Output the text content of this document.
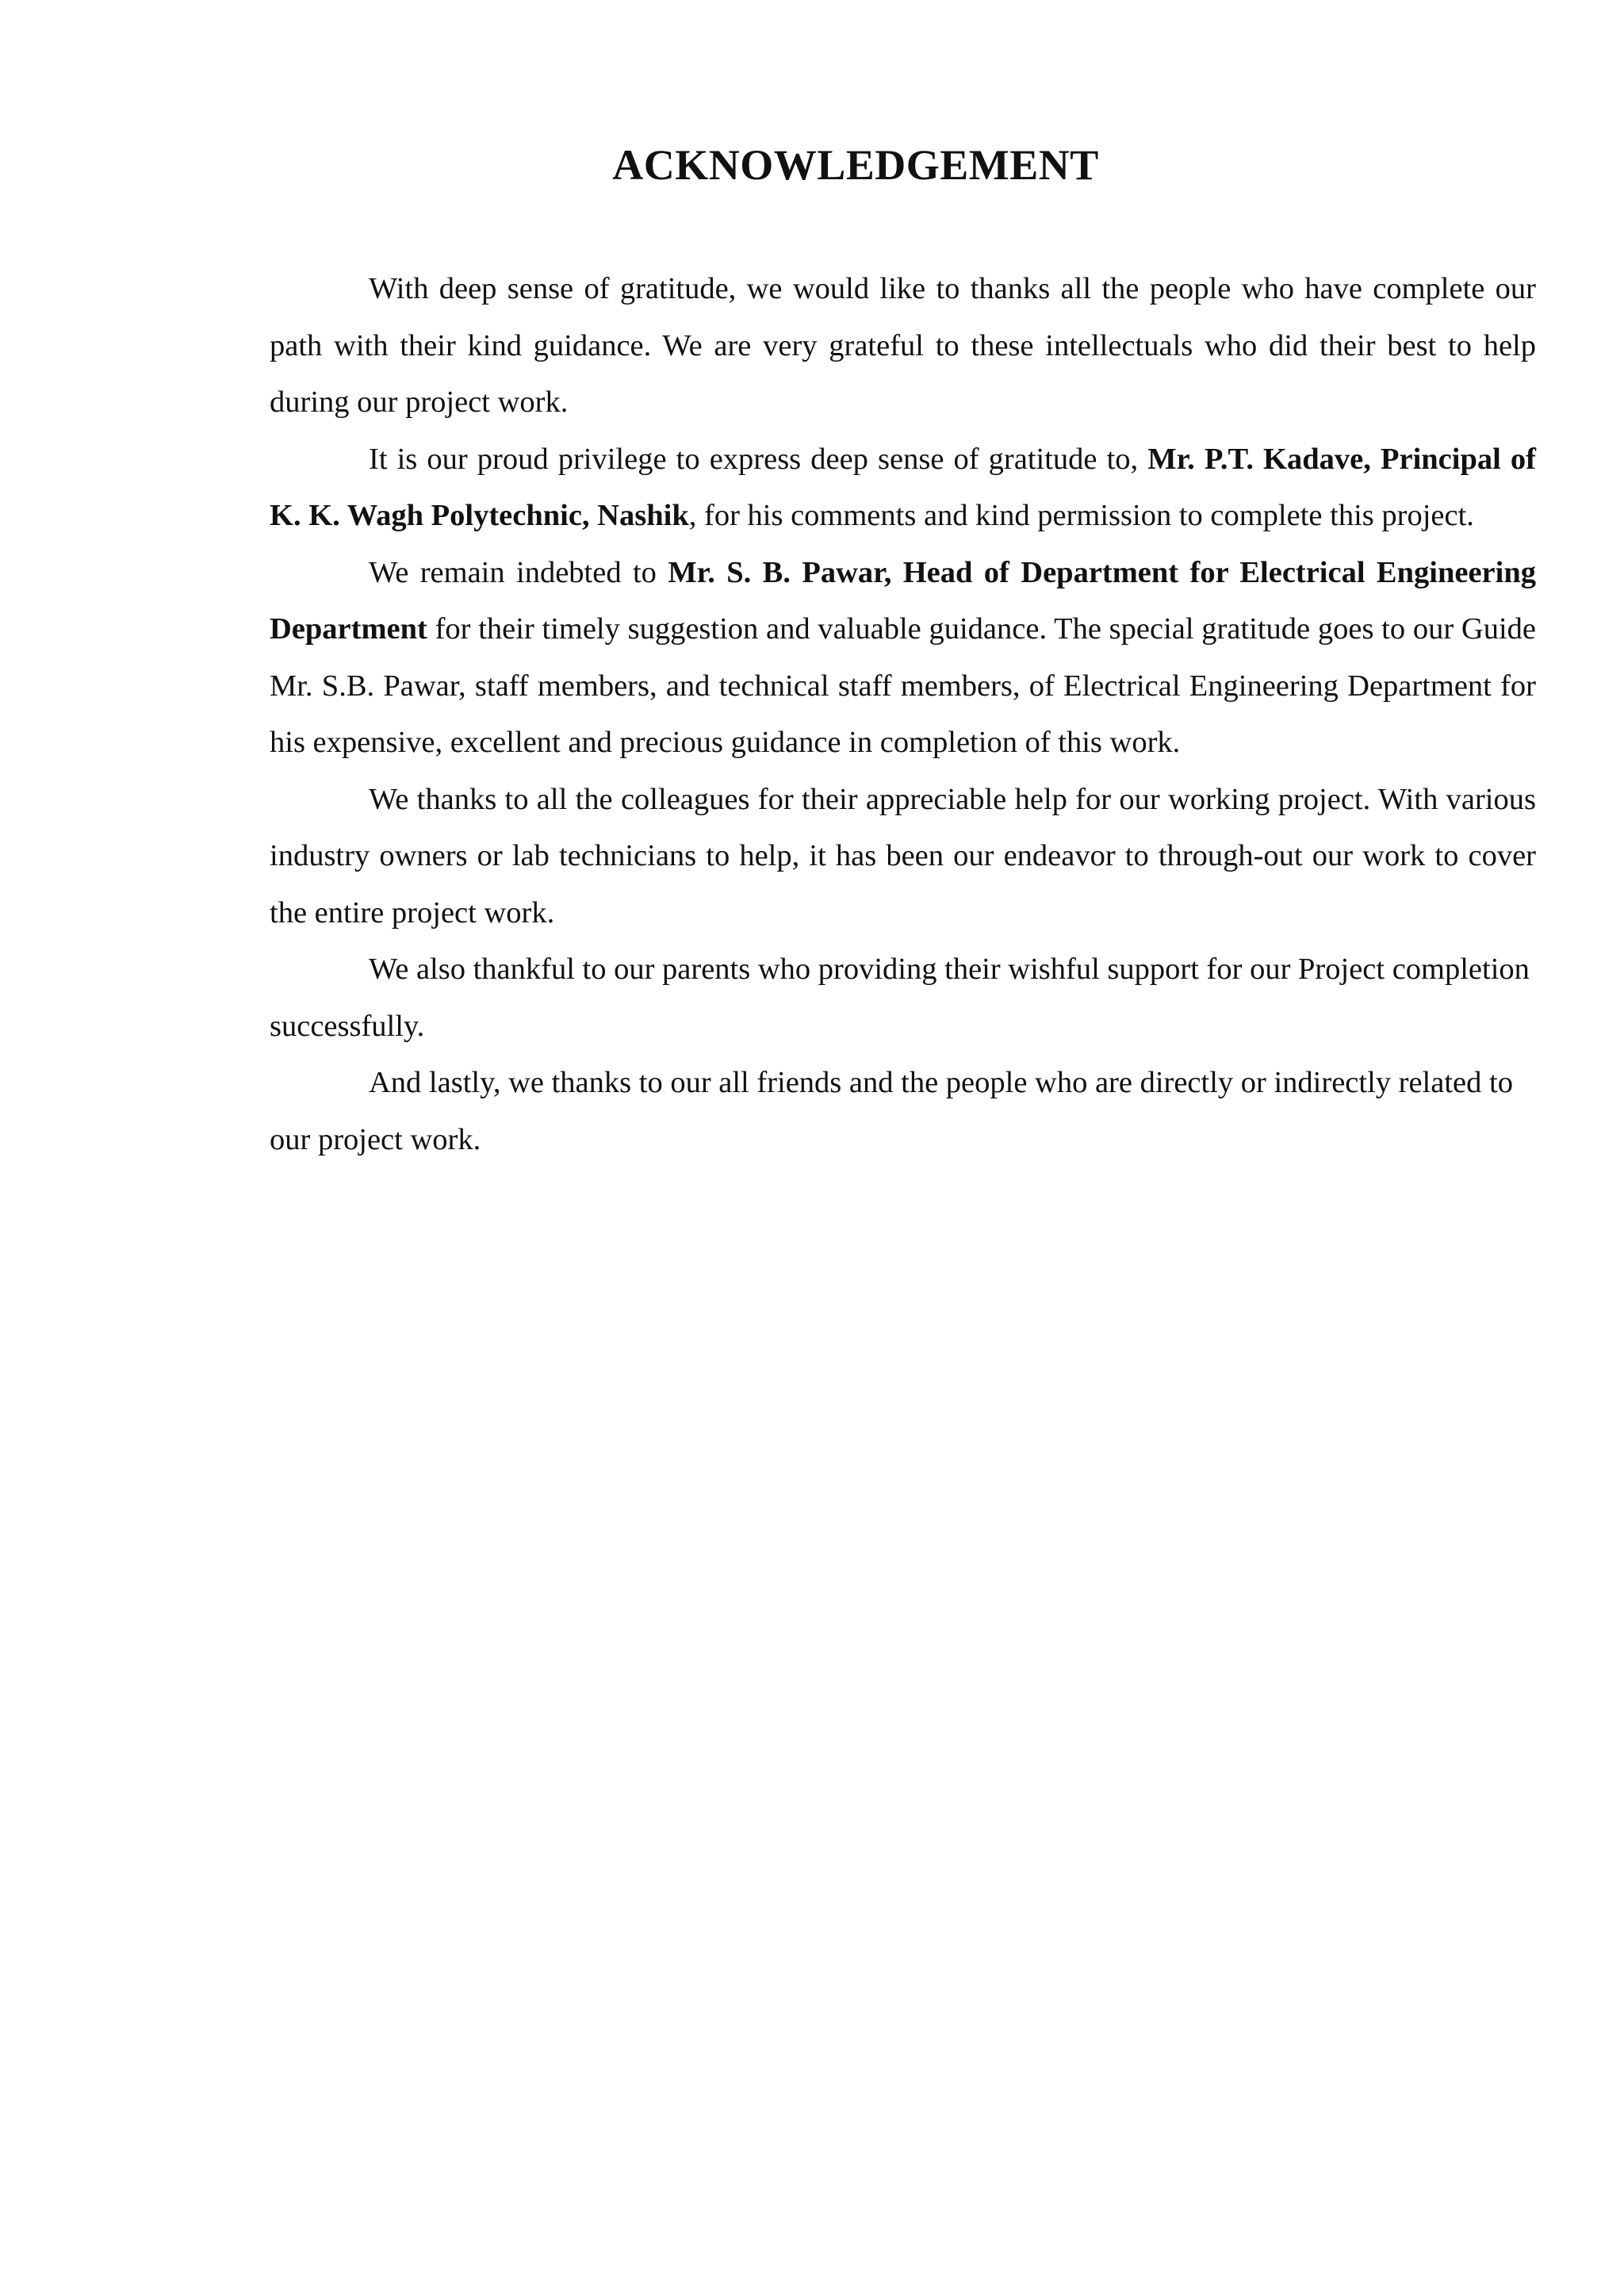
ACKNOWLEDGEMENT

With deep sense of gratitude, we would like to thanks all the people who have complete our path with their kind guidance. We are very grateful to these intellectuals who did their best to help during our project work.

It is our proud privilege to express deep sense of gratitude to, Mr. P.T. Kadave, Principal of K. K. Wagh Polytechnic, Nashik, for his comments and kind permission to complete this project.

We remain indebted to Mr. S. B. Pawar, Head of Department for Electrical Engineering Department for their timely suggestion and valuable guidance. The special gratitude goes to our Guide Mr. S.B. Pawar, staff members, and technical staff members, of Electrical Engineering Department for his expensive, excellent and precious guidance in completion of this work.

We thanks to all the colleagues for their appreciable help for our working project. With various industry owners or lab technicians to help, it has been our endeavor to through-out our work to cover the entire project work.

We also thankful to our parents who providing their wishful support for our Project completion successfully.

And lastly, we thanks to our all friends and the people who are directly or indirectly related to our project work.
